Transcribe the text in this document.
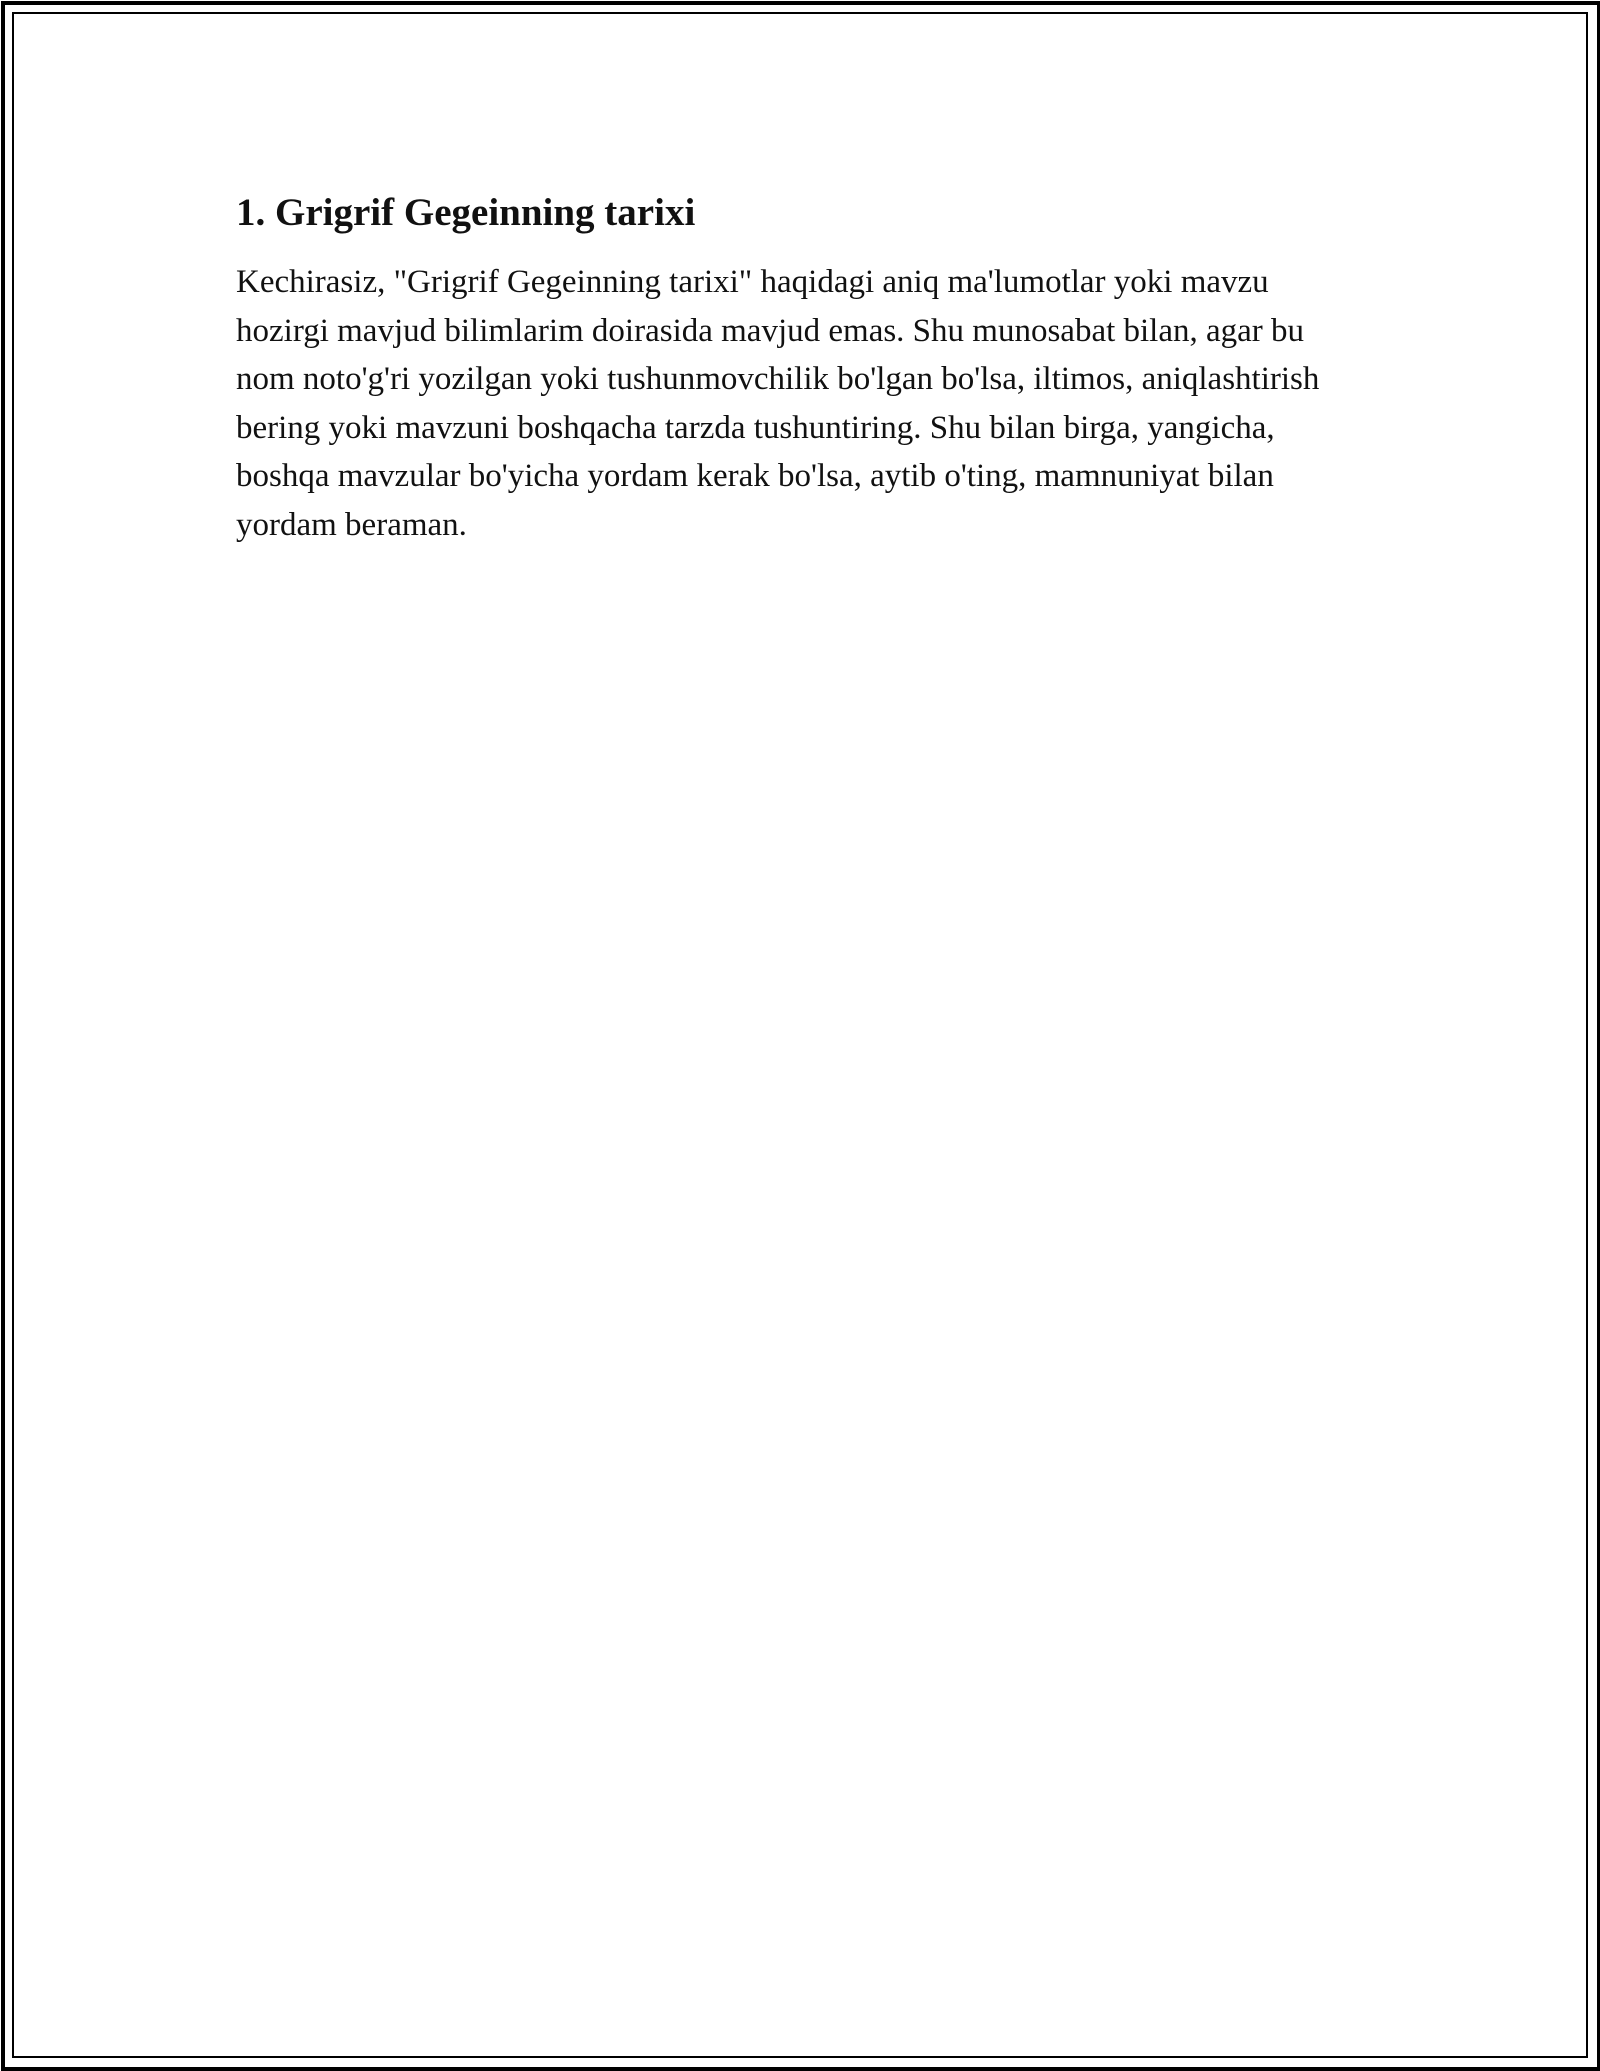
1. Grigrif Gegeinning tarixi

Kechirasiz, "Grigrif Gegeinning tarixi" haqidagi aniq ma'lumotlar yoki mavzu hozirgi mavjud bilimlarim doirasida mavjud emas. Shu munosabat bilan, agar bu nom noto'g'ri yozilgan yoki tushunmovchilik bo'lgan bo'lsa, iltimos, aniqlashtirish bering yoki mavzuni boshqacha tarzda tushuntiring. Shu bilan birga, yangicha, boshqa mavzular bo'yicha yordam kerak bo'lsa, aytib o'ting, mamnuniyat bilan yordam beraman.
